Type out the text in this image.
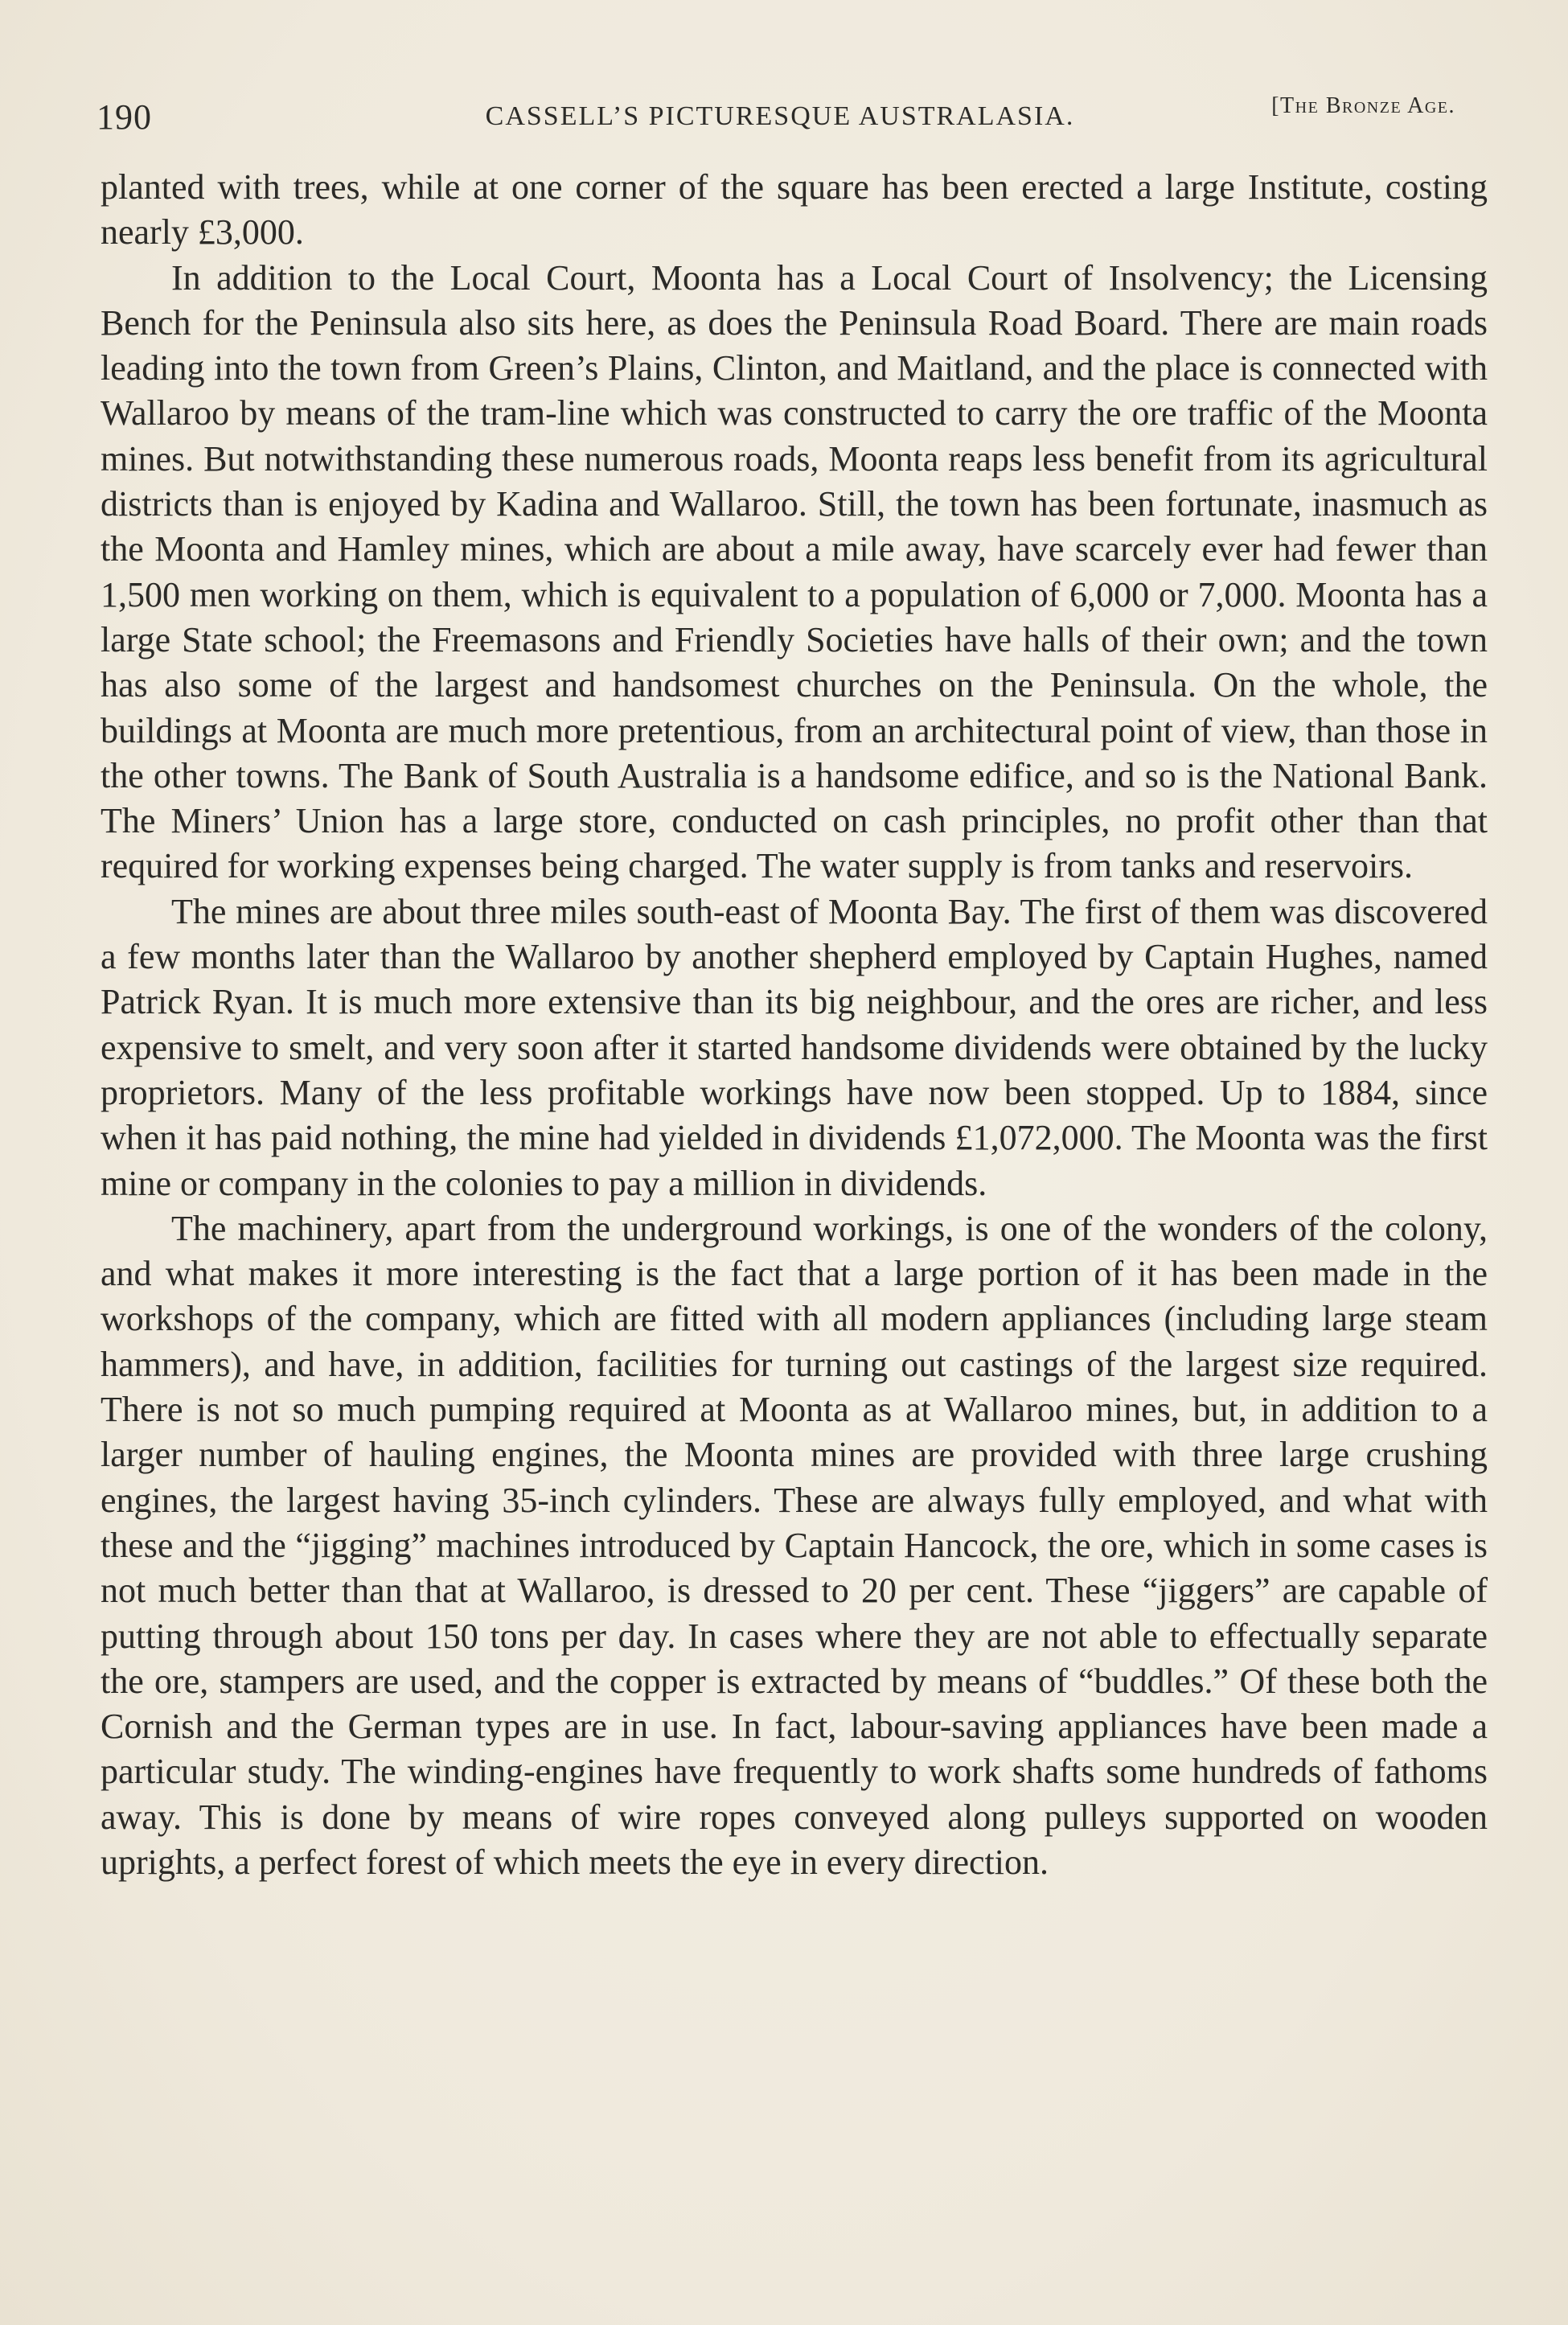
190	CASSELL’S PICTURESQUE AUSTRALASIA.	[The Bronze Age.

planted with trees, while at one corner of the square has been erected a large Institute, costing nearly £3,000.

In addition to the Local Court, Moonta has a Local Court of Insolvency; the Licensing Bench for the Peninsula also sits here, as does the Peninsula Road Board. There are main roads leading into the town from Green’s Plains, Clinton, and Maitland, and the place is connected with Wallaroo by means of the tram-line which was constructed to carry the ore traffic of the Moonta mines. But notwithstanding these numerous roads, Moonta reaps less benefit from its agricultural districts than is enjoyed by Kadina and Wallaroo. Still, the town has been fortunate, inasmuch as the Moonta and Hamley mines, which are about a mile away, have scarcely ever had fewer than 1,500 men working on them, which is equivalent to a population of 6,000 or 7,000. Moonta has a large State school; the Freemasons and Friendly Societies have halls of their own; and the town has also some of the largest and handsomest churches on the Peninsula. On the whole, the buildings at Moonta are much more pretentious, from an architectural point of view, than those in the other towns. The Bank of South Australia is a handsome edifice, and so is the National Bank. The Miners’ Union has a large store, conducted on cash principles, no profit other than that required for working expenses being charged. The water supply is from tanks and reservoirs.

The mines are about three miles south-east of Moonta Bay. The first of them was discovered a few months later than the Wallaroo by another shepherd employed by Captain Hughes, named Patrick Ryan. It is much more extensive than its big neighbour, and the ores are richer, and less expensive to smelt, and very soon after it started handsome dividends were obtained by the lucky proprietors. Many of the less profitable workings have now been stopped. Up to 1884, since when it has paid nothing, the mine had yielded in dividends £1,072,000. The Moonta was the first mine or company in the colonies to pay a million in dividends.

The machinery, apart from the underground workings, is one of the wonders of the colony, and what makes it more interesting is the fact that a large portion of it has been made in the workshops of the company, which are fitted with all modern appliances (including large steam hammers), and have, in addition, facilities for turning out castings of the largest size required. There is not so much pumping required at Moonta as at Wallaroo mines, but, in addition to a larger number of hauling engines, the Moonta mines are provided with three large crushing engines, the largest having 35-inch cylinders. These are always fully employed, and what with these and the “jigging” machines introduced by Captain Hancock, the ore, which in some cases is not much better than that at Wallaroo, is dressed to 20 per cent. These “jiggers” are capable of putting through about 150 tons per day. In cases where they are not able to effectually separate the ore, stampers are used, and the copper is extracted by means of “buddles.” Of these both the Cornish and the German types are in use. In fact, labour-saving appliances have been made a particular study. The winding-engines have frequently to work shafts some hundreds of fathoms away. This is done by means of wire ropes conveyed along pulleys supported on wooden uprights, a perfect forest of which meets the eye in every direction.
